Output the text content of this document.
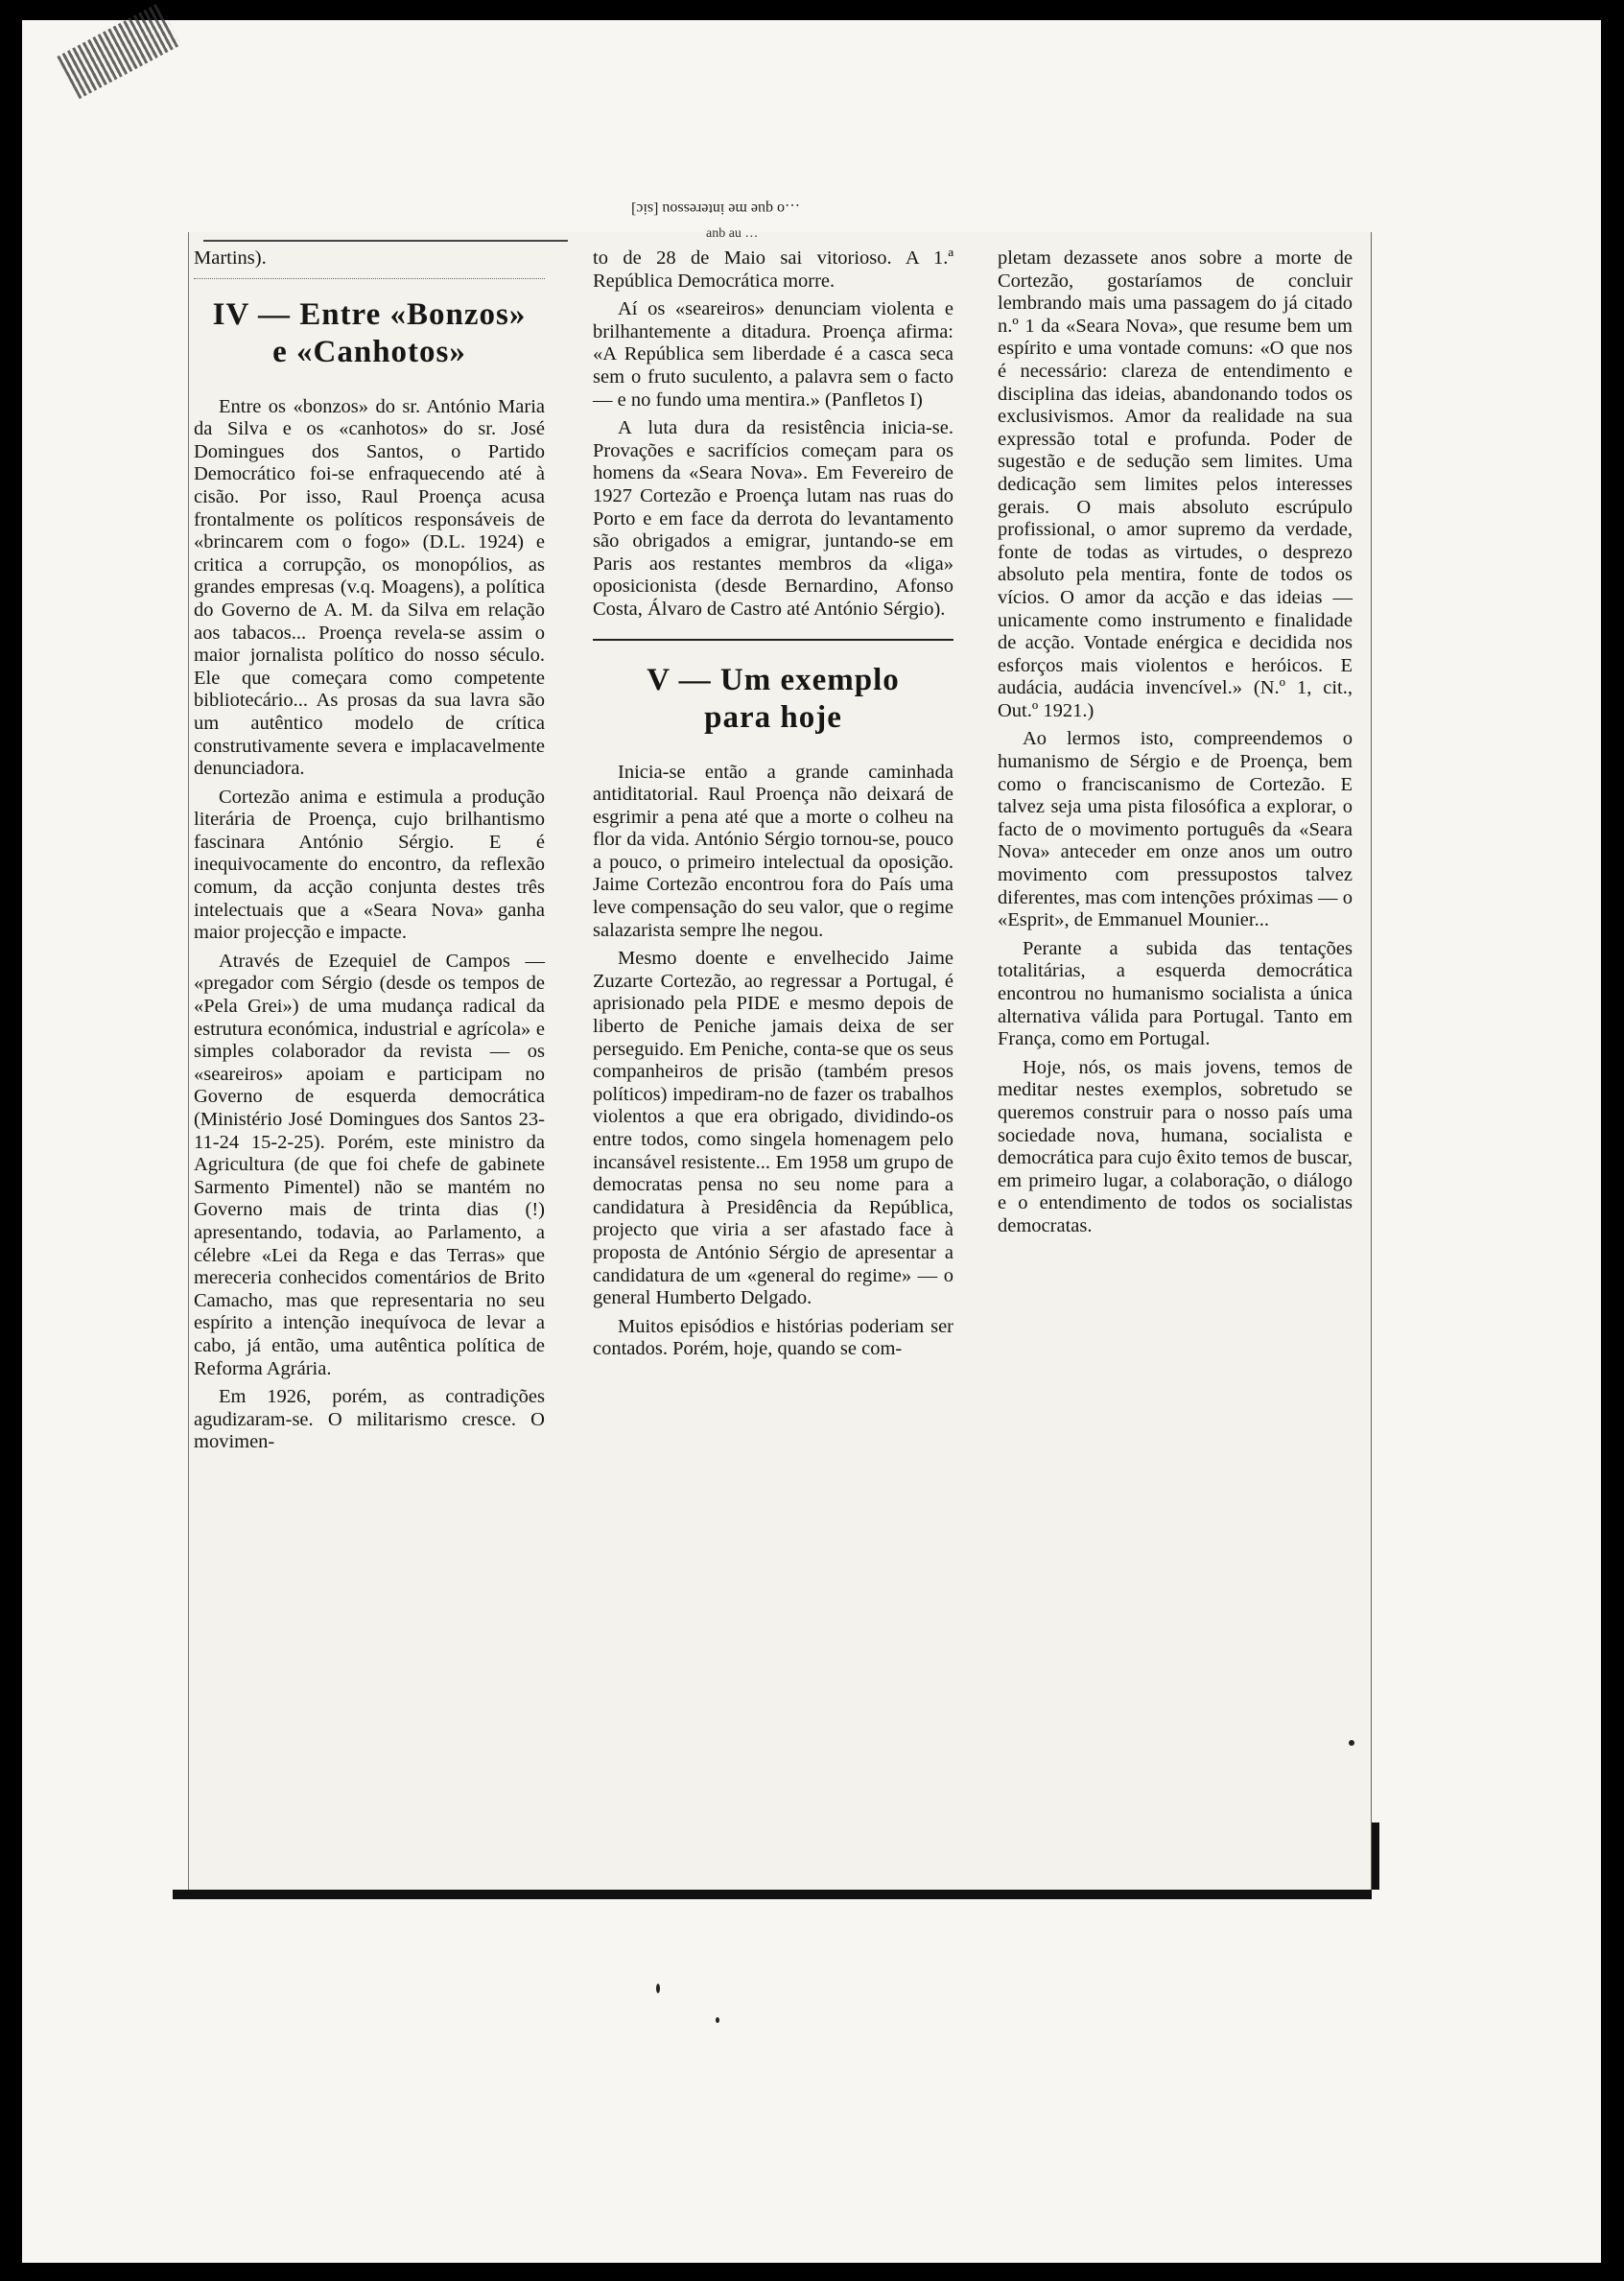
…o que me interessou [sic]
anb au …
Martins).
IV — Entre «Bonzos»
e «Canhotos»

Entre os «bonzos» do sr. António Maria da Silva e os «canhotos» do sr. José Domingues dos Santos, o Partido Democrático foi-se enfraquecendo até à cisão. Por isso, Raul Proença acusa frontalmente os políticos responsáveis de «brincarem com o fogo» (D.L. 1924) e critica a corrupção, os monopólios, as grandes empresas (v.q. Moagens), a política do Governo de A. M. da Silva em relação aos tabacos... Proença revela-se assim o maior jornalista político do nosso século. Ele que começara como competente bibliotecário... As prosas da sua lavra são um autêntico modelo de crítica construtivamente severa e implacavelmente denunciadora.

Cortezão anima e estimula a produção literária de Proença, cujo brilhantismo fascinara António Sérgio. E é inequivocamente do encontro, da reflexão comum, da acção conjunta destes três intelectuais que a «Seara Nova» ganha maior projecção e impacte.

Através de Ezequiel de Campos — «pregador com Sérgio (desde os tempos de «Pela Grei») de uma mudança radical da estrutura económica, industrial e agrícola» e simples colaborador da revista — os «seareiros» apoiam e participam no Governo de esquerda democrática (Ministério José Domingues dos Santos 23-11-24 15-2-25). Porém, este ministro da Agricultura (de que foi chefe de gabinete Sarmento Pimentel) não se mantém no Governo mais de trinta dias (!) apresentando, todavia, ao Parlamento, a célebre «Lei da Rega e das Terras» que mereceria conhecidos comentários de Brito Camacho, mas que representaria no seu espírito a intenção inequívoca de levar a cabo, já então, uma autêntica política de Reforma Agrária.

Em 1926, porém, as contradições agudizaram-se. O militarismo cresce. O movimen-

to de 28 de Maio sai vitorioso. A 1.ª República Democrática morre.

Aí os «seareiros» denunciam violenta e brilhantemente a ditadura. Proença afirma: «A República sem liberdade é a casca seca sem o fruto suculento, a palavra sem o facto — e no fundo uma mentira.» (Panfletos I)

A luta dura da resistência inicia-se. Provações e sacrifícios começam para os homens da «Seara Nova». Em Fevereiro de 1927 Cortezão e Proença lutam nas ruas do Porto e em face da derrota do levantamento são obrigados a emigrar, juntando-se em Paris aos restantes membros da «liga» oposicionista (desde Bernardino, Afonso Costa, Álvaro de Castro até António Sérgio).

V — Um exemplo
para hoje

Inicia-se então a grande caminhada antiditatorial. Raul Proença não deixará de esgrimir a pena até que a morte o colheu na flor da vida. António Sérgio tornou-se, pouco a pouco, o primeiro intelectual da oposição. Jaime Cortezão encontrou fora do País uma leve compensação do seu valor, que o regime salazarista sempre lhe negou.

Mesmo doente e envelhecido Jaime Zuzarte Cortezão, ao regressar a Portugal, é aprisionado pela PIDE e mesmo depois de liberto de Peniche jamais deixa de ser perseguido. Em Peniche, conta-se que os seus companheiros de prisão (também presos políticos) impediram-no de fazer os trabalhos violentos a que era obrigado, dividindo-os entre todos, como singela homenagem pelo incansável resistente... Em 1958 um grupo de democratas pensa no seu nome para a candidatura à Presidência da República, projecto que viria a ser afastado face à proposta de António Sérgio de apresentar a candidatura de um «general do regime» — o general Humberto Delgado.

Muitos episódios e histórias poderiam ser contados. Porém, hoje, quando se com-

pletam dezassete anos sobre a morte de Cortezão, gostaríamos de concluir lembrando mais uma passagem do já citado n.º 1 da «Seara Nova», que resume bem um espírito e uma vontade comuns: «O que nos é necessário: clareza de entendimento e disciplina das ideias, abandonando todos os exclusivismos. Amor da realidade na sua expressão total e profunda. Poder de sugestão e de sedução sem limites. Uma dedicação sem limites pelos interesses gerais. O mais absoluto escrúpulo profissional, o amor supremo da verdade, fonte de todas as virtudes, o desprezo absoluto pela mentira, fonte de todos os vícios. O amor da acção e das ideias — unicamente como instrumento e finalidade de acção. Vontade enérgica e decidida nos esforços mais violentos e heróicos. E audácia, audácia invencível.» (N.º 1, cit., Out.º 1921.)

Ao lermos isto, compreendemos o humanismo de Sérgio e de Proença, bem como o franciscanismo de Cortezão. E talvez seja uma pista filosófica a explorar, o facto de o movimento português da «Seara Nova» anteceder em onze anos um outro movimento com pressupostos talvez diferentes, mas com intenções próximas — o «Esprit», de Emmanuel Mounier...

Perante a subida das tentações totalitárias, a esquerda democrática encontrou no humanismo socialista a única alternativa válida para Portugal. Tanto em França, como em Portugal.

Hoje, nós, os mais jovens, temos de meditar nestes exemplos, sobretudo se queremos construir para o nosso país uma sociedade nova, humana, socialista e democrática para cujo êxito temos de buscar, em primeiro lugar, a colaboração, o diálogo e o entendimento de todos os socialistas democratas.
